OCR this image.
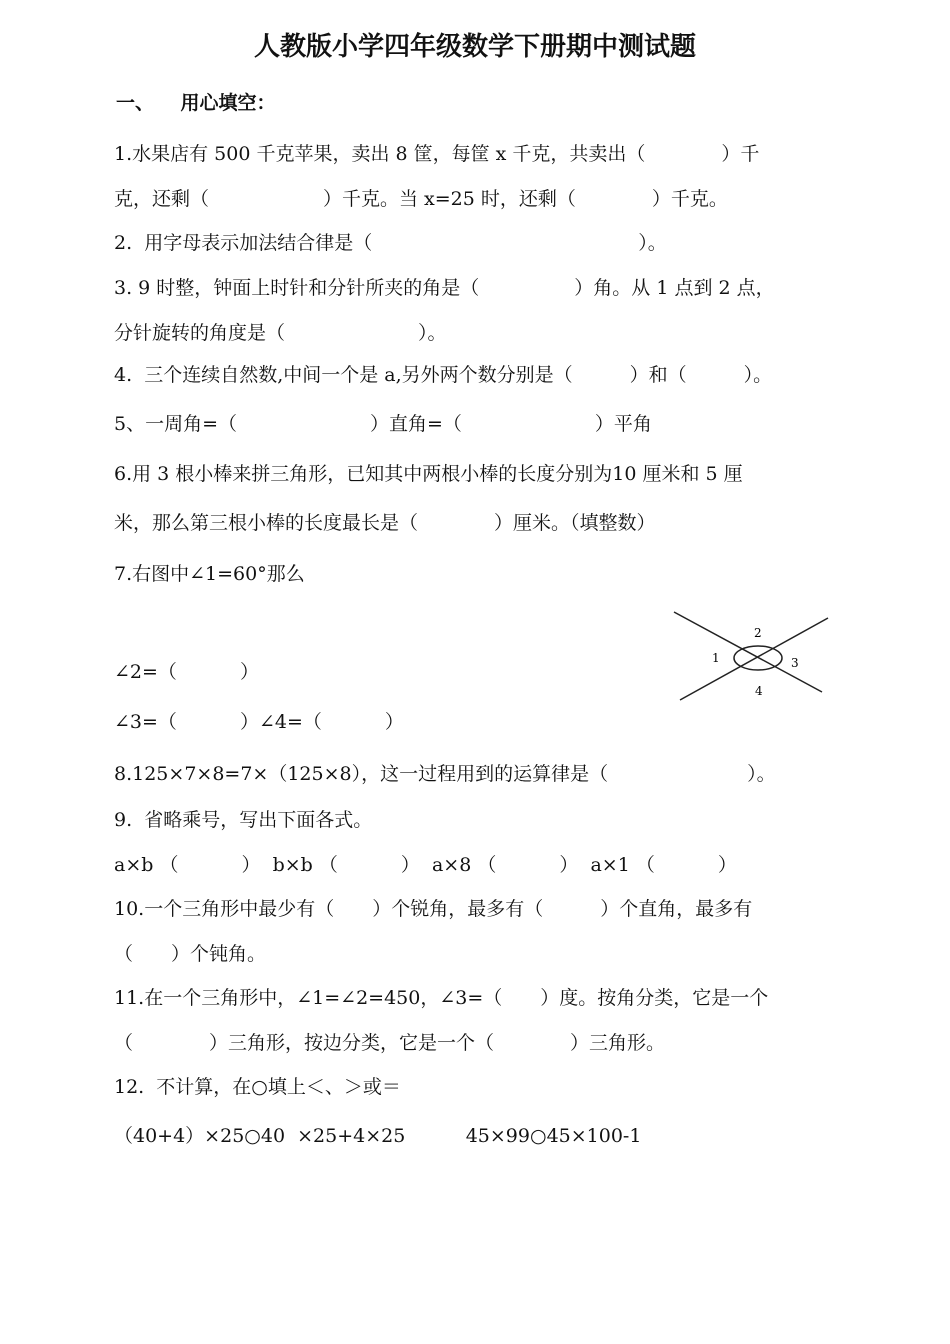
人教版小学四年级数学下册期中测试题
一、    用心填空：
1.水果店有 500 千克苹果，卖出 8 筐，每筐 x 千克，共卖出（　　　　）千
克，还剩（　　　　　　）千克。当 x=25 时，还剩（　　　　）千克。
2.  用字母表示加法结合律是（　　　　　　　　　　　　　　）。
3. 9 时整，钟面上时针和分针所夹的角是（　　　　　）角。从 1 点到 2 点，
分针旋转的角度是（　　　　　　　）。
4.  三个连续自然数,中间一个是 a,另外两个数分别是（　　　）和（　　　）。
5、一周角=（　　　　　　　）直角=（　　　　　　　）平角
6.用 3 根小棒来拼三角形，已知其中两根小棒的长度分别为10 厘米和 5 厘
米，那么第三根小棒的长度最长是（　　　　）厘米。（填整数）
7.右图中∠1=60°那么
∠2=（　　　 ）
∠3=（　　　 ）∠4=（　　　 ）
8.125×7×8=7×（125×8），这一过程用到的运算律是（　　　　　　　 ）。
9.  省略乘号，写出下面各式。
a×b （　　　 ）  b×b （　　　 ）  a×8 （　　　 ）  a×1 （　　　 ）
10.一个三角形中最少有（　　）个锐角，最多有（　　　）个直角，最多有
（　　）个钝角。
11.在一个三角形中，∠1=∠2=450，∠3=（　　）度。按角分类，它是一个
（　　　　）三角形，按边分类，它是一个（　　　　）三角形。
12.  不计算，在○填上＜、＞或＝
（40+4）×25○40  ×25+4×25          45×99○45×100-1
1
2
3
4
